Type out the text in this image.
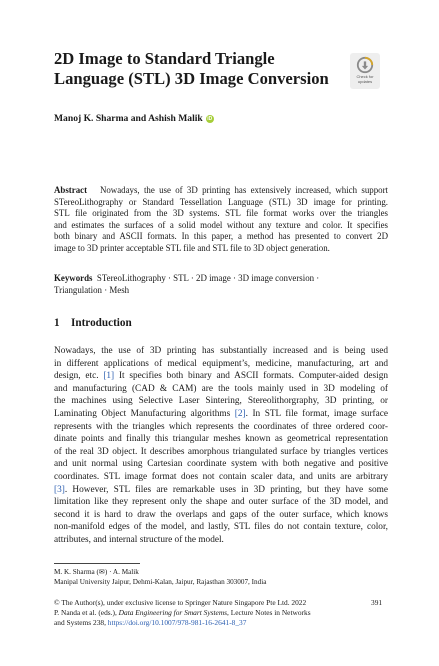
2D Image to Standard Triangle
Language (STL) 3D Image Conversion	Check for
updates
Manoj K. Sharma and Ashish Malik iD
Abstract Nowadays, the use of 3D printing has extensively increased, which support
STereoLithography or Standard Tessellation Language (STL) 3D image for printing.
STL file originated from the 3D systems. STL file format works over the triangles
and estimates the surfaces of a solid model without any texture and color. It specifies
both binary and ASCII formats. In this paper, a method has presented to convert 2D
image to 3D printer acceptable STL file and STL file to 3D object generation.
Keywords STereoLithography · STL · 2D image · 3D image conversion ·
Triangulation · Mesh
1 Introduction
Nowadays, the use of 3D printing has substantially increased and is being used
in different applications of medical equipment’s, medicine, manufacturing, art and
design, etc. [1] It specifies both binary and ASCII formats. Computer-aided design
and manufacturing (CAD & CAM) are the tools mainly used in 3D modeling of
the machines using Selective Laser Sintering, Stereolithorgraphy, 3D printing, or
Laminating Object Manufacturing algorithms [2]. In STL file format, image surface
represents with the triangles which represents the coordinates of three ordered coor-
dinate points and finally this triangular meshes known as geometrical representation
of the real 3D object. It describes amorphous triangulated surface by triangles vertices
and unit normal using Cartesian coordinate system with both negative and positive
coordinates. STL image format does not contain scaler data, and units are arbitrary
[3]. However, STL files are remarkable uses in 3D printing, but they have some
limitation like they represent only the shape and outer surface of the 3D model, and
second it is hard to draw the overlaps and gaps of the outer surface, which knows
non-manifold edges of the model, and lastly, STL files do not contain texture, color,
attributes, and internal structure of the model.
M. K. Sharma (✉) · A. Malik
Manipal University Jaipur, Dehmi-Kalan, Jaipur, Rajasthan 303007, India
© The Author(s), under exclusive license to Springer Nature Singapore Pte Ltd. 2022
P. Nanda et al. (eds.), Data Engineering for Smart Systems, Lecture Notes in Networks
and Systems 238, https://doi.org/10.1007/978-981-16-2641-8_37
391
